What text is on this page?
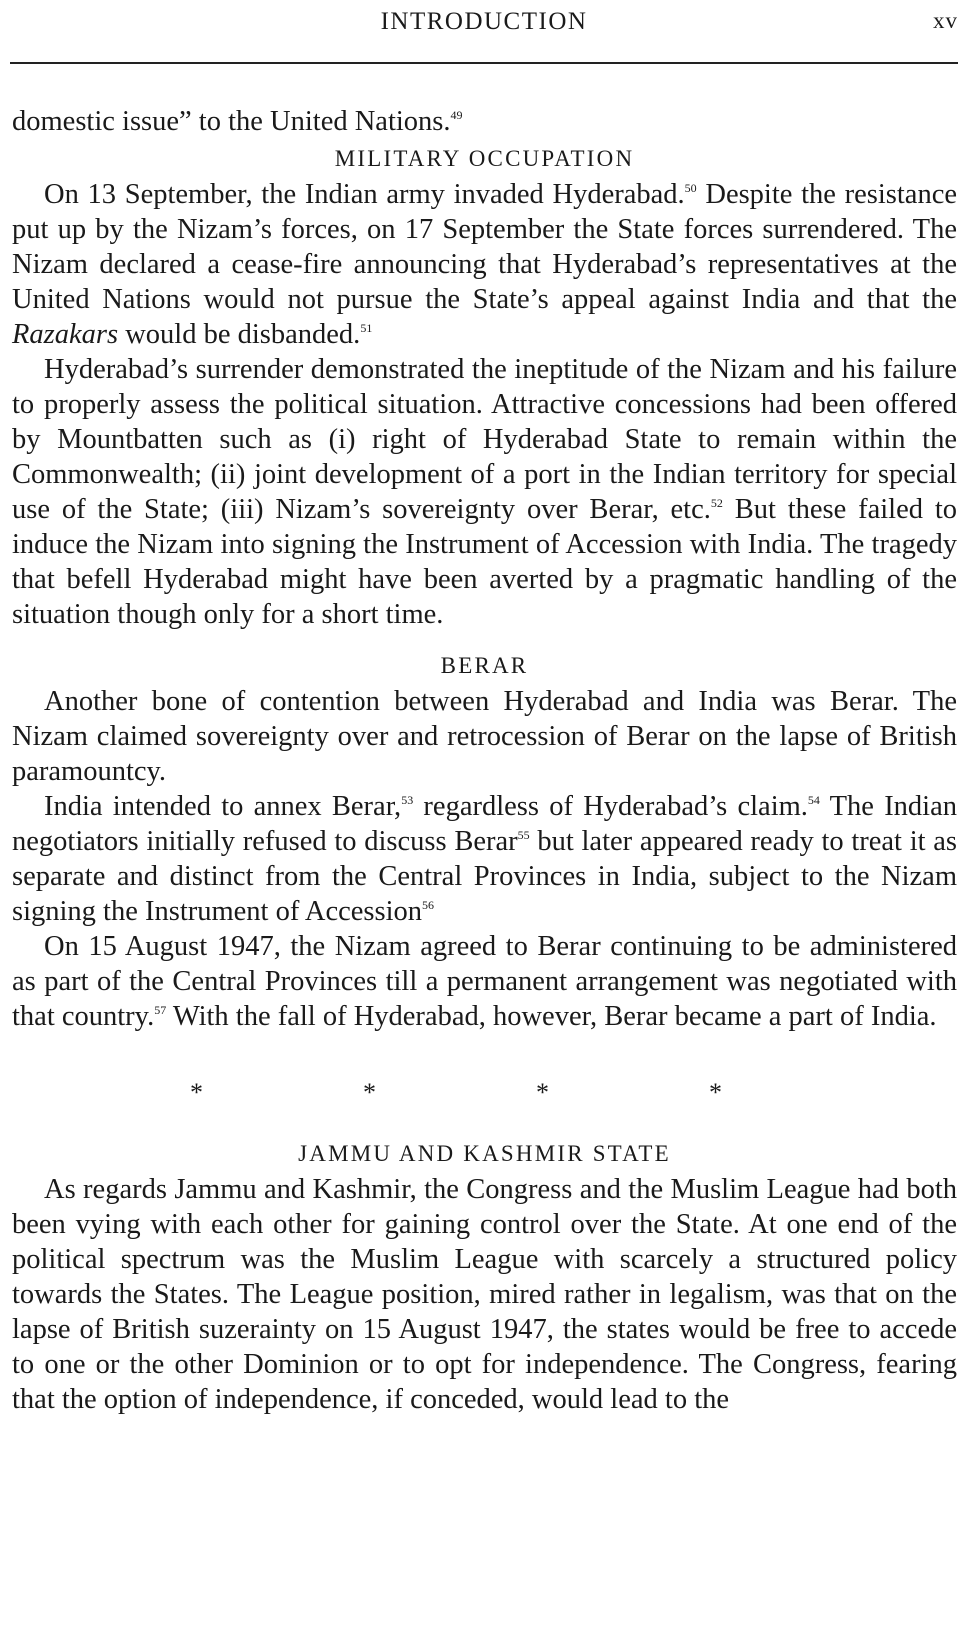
INTRODUCTION	xv

domestic issue” to the United Nations.$^{49}$

MILITARY OCCUPATION

On 13 September, the Indian army invaded Hyderabad.$^{50}$ Despite the resistance put up by the Nizam’s forces, on 17 September the State forces surrendered. The Nizam declared a cease-fire announcing that Hyderabad’s representatives at the United Nations would not pursue the State’s appeal against India and that the Razakars would be disbanded.$^{51}$

Hyderabad’s surrender demonstrated the ineptitude of the Nizam and his failure to properly assess the political situation. Attractive concessions had been offered by Mountbatten such as (i) right of Hyderabad State to remain within the Commonwealth; (ii) joint development of a port in the Indian territory for special use of the State; (iii) Nizam’s sovereignty over Berar, etc.$^{52}$ But these failed to induce the Nizam into signing the Instrument of Accession with India. The tragedy that befell Hyderabad might have been averted by a pragmatic handling of the situation though only for a short time.

BERAR

Another bone of contention between Hyderabad and India was Berar. The Nizam claimed sovereignty over and retrocession of Berar on the lapse of British paramountcy.

India intended to annex Berar,$^{53}$ regardless of Hyderabad’s claim.$^{54}$ The Indian negotiators initially refused to discuss Berar$^{55}$ but later appeared ready to treat it as separate and distinct from the Central Provinces in India, subject to the Nizam signing the Instrument of Accession$^{56}$

On 15 August 1947, the Nizam agreed to Berar continuing to be administered as part of the Central Provinces till a permanent arrangement was negotiated with that country.$^{57}$ With the fall of Hyderabad, however, Berar became a part of India.

*	*	*	*
JAMMU AND KASHMIR STATE

As regards Jammu and Kashmir, the Congress and the Muslim League had both been vying with each other for gaining control over the State. At one end of the political spectrum was the Muslim League with scarcely a structured policy towards the States. The League position, mired rather in legalism, was that on the lapse of British suzerainty on 15 August 1947, the states would be free to accede to one or the other Dominion or to opt for independence. The Congress, fearing that the option of independence, if conceded, would lead to the
